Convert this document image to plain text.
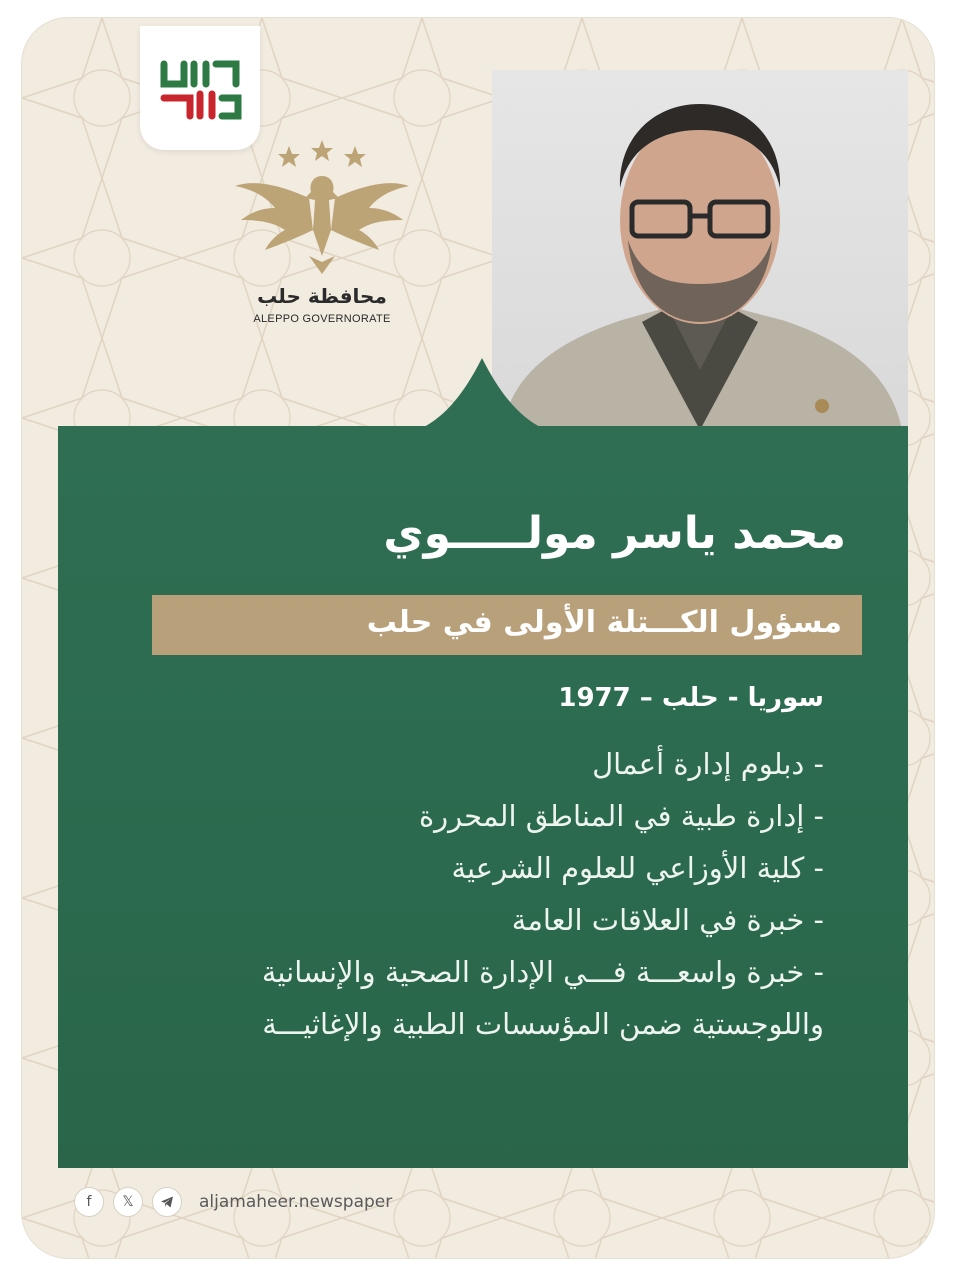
محافظة حلب
ALEPPO GOVERNORATE
محمد ياسر مولـــــوي
مسؤول الكـــتلة الأولى في حلب
سوريا - حلب – 1977
- دبلوم إدارة أعمال
- إدارة طبية في المناطق المحررة
- كلية الأوزاعي للعلوم الشرعية
- خبرة في العلاقات العامة
- خبرة واسعـــة فـــي الإدارة الصحية والإنسانية واللوجستية ضمن المؤسسات الطبية والإغاثيـــة
f	𝕏	aljamaheer.newspaper
